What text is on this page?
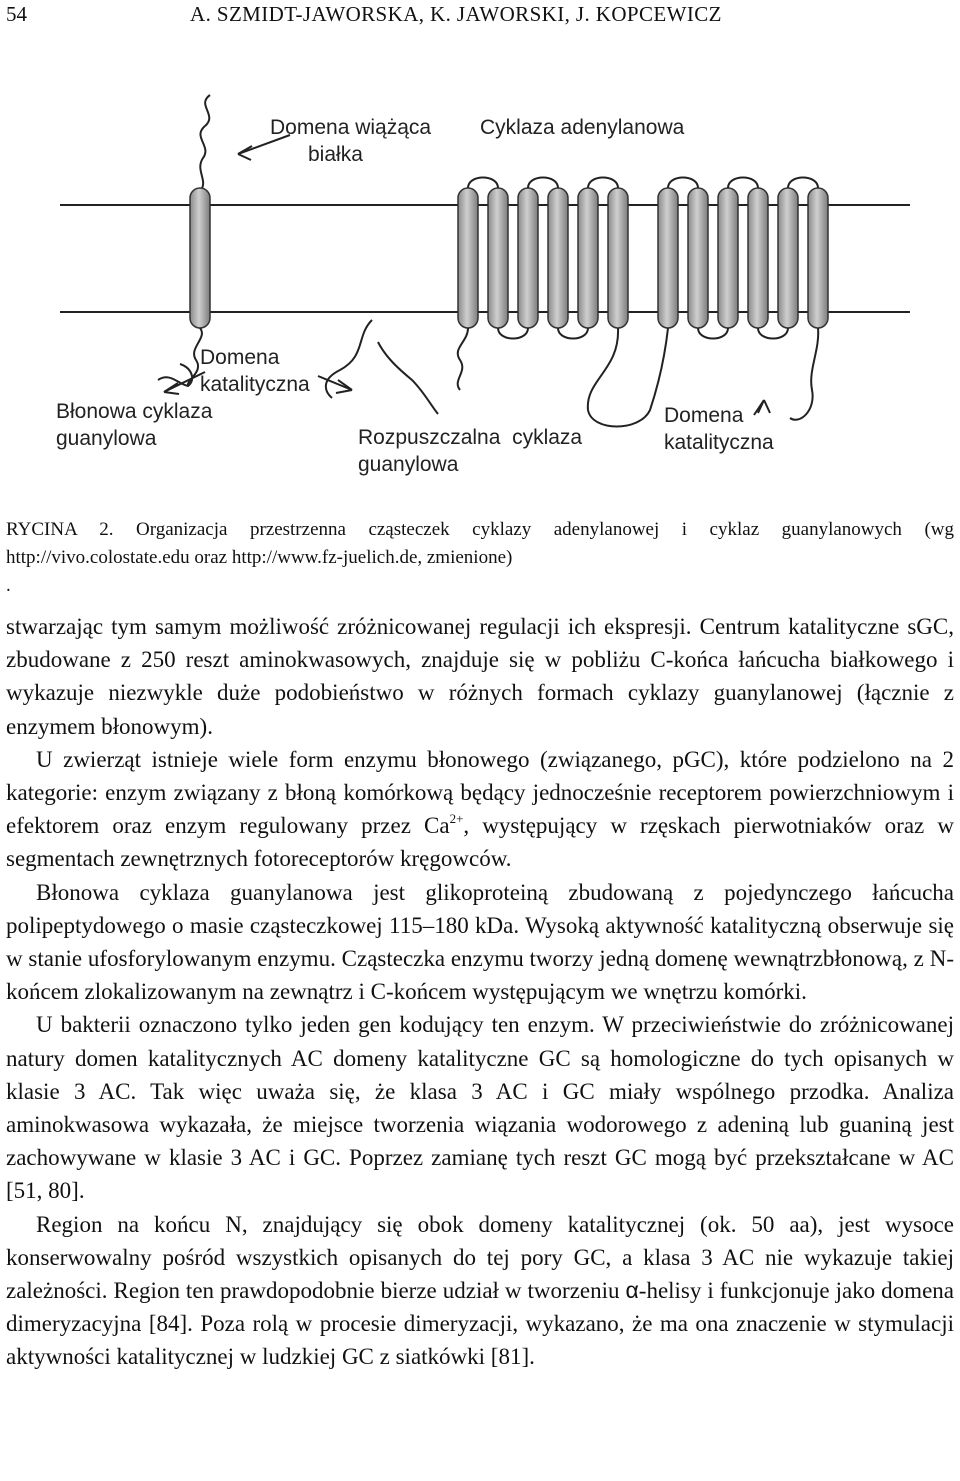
54	A. SZMIDT-JAWORSKA, K. JAWORSKI, J. KOPCEWICZ
Domena wiążąca
białka
Cyklaza adenylanowa
Domena
katalityczna
Błonowa cyklaza
guanylowa	Rozpuszczalna  cyklaza
guanylowa
Domena
katalityczna

RYCINA 2. Organizacja przestrzenna cząsteczek cyklazy adenylanowej i cyklaz guanylanowych (wg http://vivo.colostate.edu oraz http://www.fz-juelich.de, zmienione)

.

stwarzając tym samym możliwość zróżnicowanej regulacji ich ekspresji. Centrum katalityczne sGC, zbudowane z 250 reszt aminokwasowych, znajduje się w pobliżu C-końca łańcucha białkowego i wykazuje niezwykle duże podobieństwo w różnych formach cyklazy guanylanowej (łącznie z enzymem błonowym).

U zwierząt istnieje wiele form enzymu błonowego (związanego, pGC), które podzielono na 2 kategorie: enzym związany z błoną komórkową będący jednocześnie receptorem powierzchniowym i efektorem oraz enzym regulowany przez $Ca^{2+}$, występujący w rzęskach pierwotniaków oraz w segmentach zewnętrznych fotoreceptorów kręgowców.

Błonowa cyklaza guanylanowa jest glikoproteiną zbudowaną z pojedynczego łańcucha polipeptydowego o masie cząsteczkowej 115–180 kDa. Wysoką aktywność katalityczną obserwuje się w stanie ufosforylowanym enzymu. Cząsteczka enzymu tworzy jedną domenę wewnątrzbłonową, z N-końcem zlokalizowanym na zewnątrz i C-końcem występującym we wnętrzu komórki.

U bakterii oznaczono tylko jeden gen kodujący ten enzym. W przeciwieństwie do zróżnicowanej natury domen katalitycznych AC domeny katalityczne GC są homologiczne do tych opisanych w klasie 3 AC. Tak więc uważa się, że klasa 3 AC i GC miały wspólnego przodka. Analiza aminokwasowa wykazała, że miejsce tworzenia wiązania wodorowego z adeniną lub guaniną jest zachowywane w klasie 3 AC i GC. Poprzez zamianę tych reszt GC mogą być przekształcane w AC [51, 80].

Region na końcu N, znajdujący się obok domeny katalitycznej (ok. 50 aa), jest wysoce konserwowalny pośród wszystkich opisanych do tej pory GC, a klasa 3 AC nie wykazuje takiej zależności. Region ten prawdopodobnie bierze udział w tworzeniu α-helisy i funkcjonuje jako domena dimeryzacyjna [84]. Poza rolą w procesie dimeryzacji, wykazano, że ma ona znaczenie w stymulacji aktywności katalitycznej w ludzkiej GC z siatkówki [81].
